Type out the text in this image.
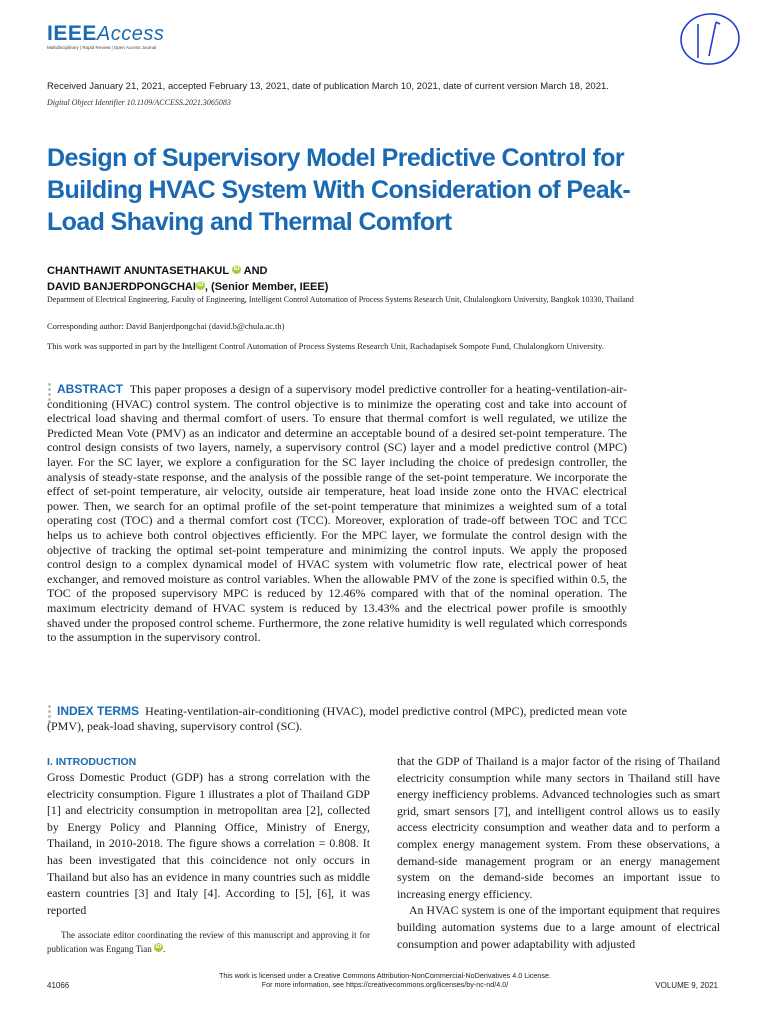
IEEEAccess
Multidisciplinary | Rapid Review | Open Access Journal
Received January 21, 2021, accepted February 13, 2021, date of publication March 10, 2021, date of current version March 18, 2021.
Digital Object Identifier 10.1109/ACCESS.2021.3065083
Design of Supervisory Model Predictive Control for Building HVAC System With Consideration of Peak-Load Shaving and Thermal Comfort
CHANTHAWIT ANUNTASETHAKUL iD AND
DAVID BANJERDPONGCHAI iD , (Senior Member, IEEE)
Department of Electrical Engineering, Faculty of Engineering, Intelligent Control Automation of Process Systems Research Unit, Chulalongkorn University, Bangkok 10330, Thailand
Corresponding author: David Banjerdpongchai (david.b@chula.ac.th)
This work was supported in part by the Intelligent Control Automation of Process Systems Research Unit, Rachadapisek Sompote Fund, Chulalongkorn University.
ABSTRACT This paper proposes a design of a supervisory model predictive controller for a heating-ventilation-air-conditioning (HVAC) control system. The control objective is to minimize the operating cost and take into account of electrical load shaving and thermal comfort of users. To ensure that thermal comfort is well regulated, we utilize the Predicted Mean Vote (PMV) as an indicator and determine an acceptable bound of a desired set-point temperature. The control design consists of two layers, namely, a supervisory control (SC) layer and a model predictive control (MPC) layer. For the SC layer, we explore a configuration for the SC layer including the choice of predesign controller, the analysis of steady-state response, and the analysis of the possible range of the set-point temperature. We incorporate the effect of set-point temperature, air velocity, outside air temperature, heat load inside zone onto the HVAC electrical power. Then, we search for an optimal profile of the set-point temperature that minimizes a weighted sum of a total operating cost (TOC) and a thermal comfort cost (TCC). Moreover, exploration of trade-off between TOC and TCC helps us to achieve both control objectives efficiently. For the MPC layer, we formulate the control design with the objective of tracking the optimal set-point temperature and minimizing the control inputs. We apply the proposed control design to a complex dynamical model of HVAC system with volumetric flow rate, electrical power of heat exchanger, and removed moisture as control variables. When the allowable PMV of the zone is specified within 0.5, the TOC of the proposed supervisory MPC is reduced by 12.46% compared with that of the nominal operation. The maximum electricity demand of HVAC system is reduced by 13.43% and the electrical power profile is smoothly shaved under the proposed control scheme. Furthermore, the zone relative humidity is well regulated which corresponds to the assumption in the supervisory control.
INDEX TERMS Heating-ventilation-air-conditioning (HVAC), model predictive control (MPC), predicted mean vote (PMV), peak-load shaving, supervisory control (SC).
I. INTRODUCTION
Gross Domestic Product (GDP) has a strong correlation with the electricity consumption. Figure 1 illustrates a plot of Thailand GDP [1] and electricity consumption in metropolitan area [2], collected by Energy Policy and Planning Office, Ministry of Energy, Thailand, in 2010-2018. The figure shows a correlation = 0.808. It has been investigated that this coincidence not only occurs in Thailand but also has an evidence in many countries such as middle eastern countries [3] and Italy [4]. According to [5], [6], it was reported
that the GDP of Thailand is a major factor of the rising of Thailand electricity consumption while many sectors in Thailand still have energy inefficiency problems. Advanced technologies such as smart grid, smart sensors [7], and intelligent control allows us to easily access electricity consumption and weather data and to perform a complex energy management system. From these observations, a demand-side management program or an energy management system on the demand-side becomes an important issue to increasing energy efficiency.
An HVAC system is one of the important equipment that requires building automation systems due to a large amount of electrical consumption and power adaptability with adjusted
The associate editor coordinating the review of this manuscript and approving it for publication was Engang Tian iD .
This work is licensed under a Creative Commons Attribution-NonCommercial-NoDerivatives 4.0 License.
For more information, see https://creativecommons.org/licenses/by-nc-nd/4.0/
41066	VOLUME 9, 2021
